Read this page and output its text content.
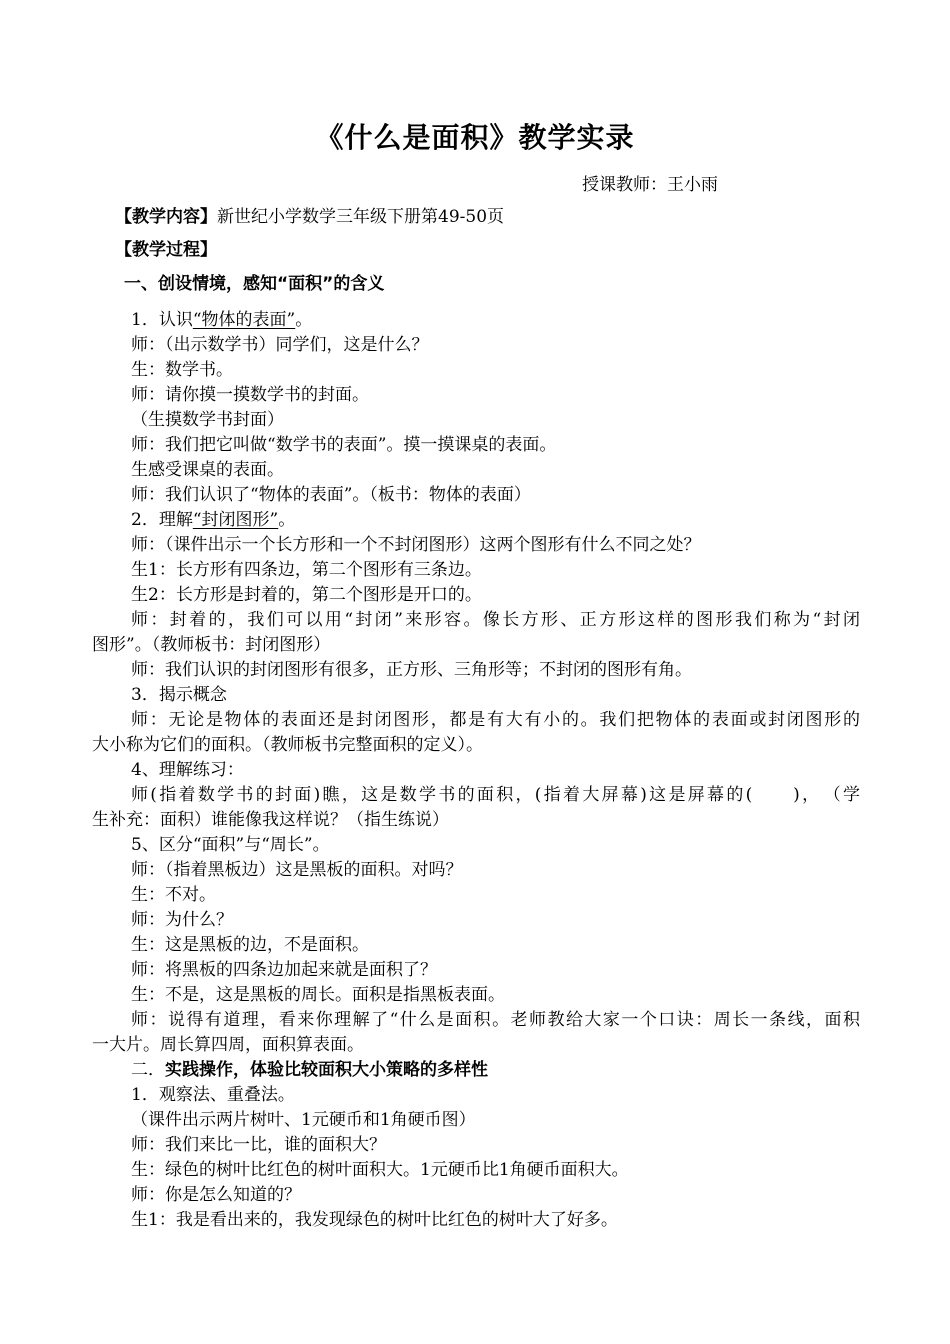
《什么是面积》教学实录
授课教师：王小雨
【教学内容】新世纪小学数学三年级下册第49-50页
【教学过程】
一、创设情境，感知“面积”的含义
1．认识“物体的表面”。
师：（出示数学书）同学们，这是什么？
生：数学书。
师：请你摸一摸数学书的封面。
（生摸数学书封面）
师：我们把它叫做“数学书的表面”。摸一摸课桌的表面。
生感受课桌的表面。
师：我们认识了“物体的表面”。（板书：物体的表面）
2．理解“封闭图形”。
师：（课件出示一个长方形和一个不封闭图形）这两个图形有什么不同之处？
生1：长方形有四条边，第二个图形有三条边。
生2：长方形是封着的，第二个图形是开口的。
师：封着的，我们可以用“封闭”来形容。像长方形、正方形这样的图形我们称为“封闭
图形”。（教师板书：封闭图形）
师：我们认识的封闭图形有很多，正方形、三角形等；不封闭的图形有角。
3．揭示概念
师：无论是物体的表面还是封闭图形，都是有大有小的。我们把物体的表面或封闭图形的
大小称为它们的面积。（教师板书完整面积的定义）。
4、理解练习：
师(指着数学书的封面)瞧，这是数学书的面积，(指着大屏幕)这是屏幕的(　　)，　（学
生补充：面积）谁能像我这样说？（指生练说）
5、区分“面积”与“周长”。
师：（指着黑板边）这是黑板的面积。对吗？
生：不对。
师：为什么？
生：这是黑板的边，不是面积。
师：将黑板的四条边加起来就是面积了？
生：不是，这是黑板的周长。面积是指黑板表面。
师：说得有道理，看来你理解了“什么是面积。老师教给大家一个口诀：周长一条线，面积
一大片。周长算四周，面积算表面。
二．实践操作，体验比较面积大小策略的多样性
1．观察法、重叠法。
（课件出示两片树叶、1元硬币和1角硬币图）
师：我们来比一比，谁的面积大？
生：绿色的树叶比红色的树叶面积大。1元硬币比1角硬币面积大。
师：你是怎么知道的？
生1：我是看出来的，我发现绿色的树叶比红色的树叶大了好多。
